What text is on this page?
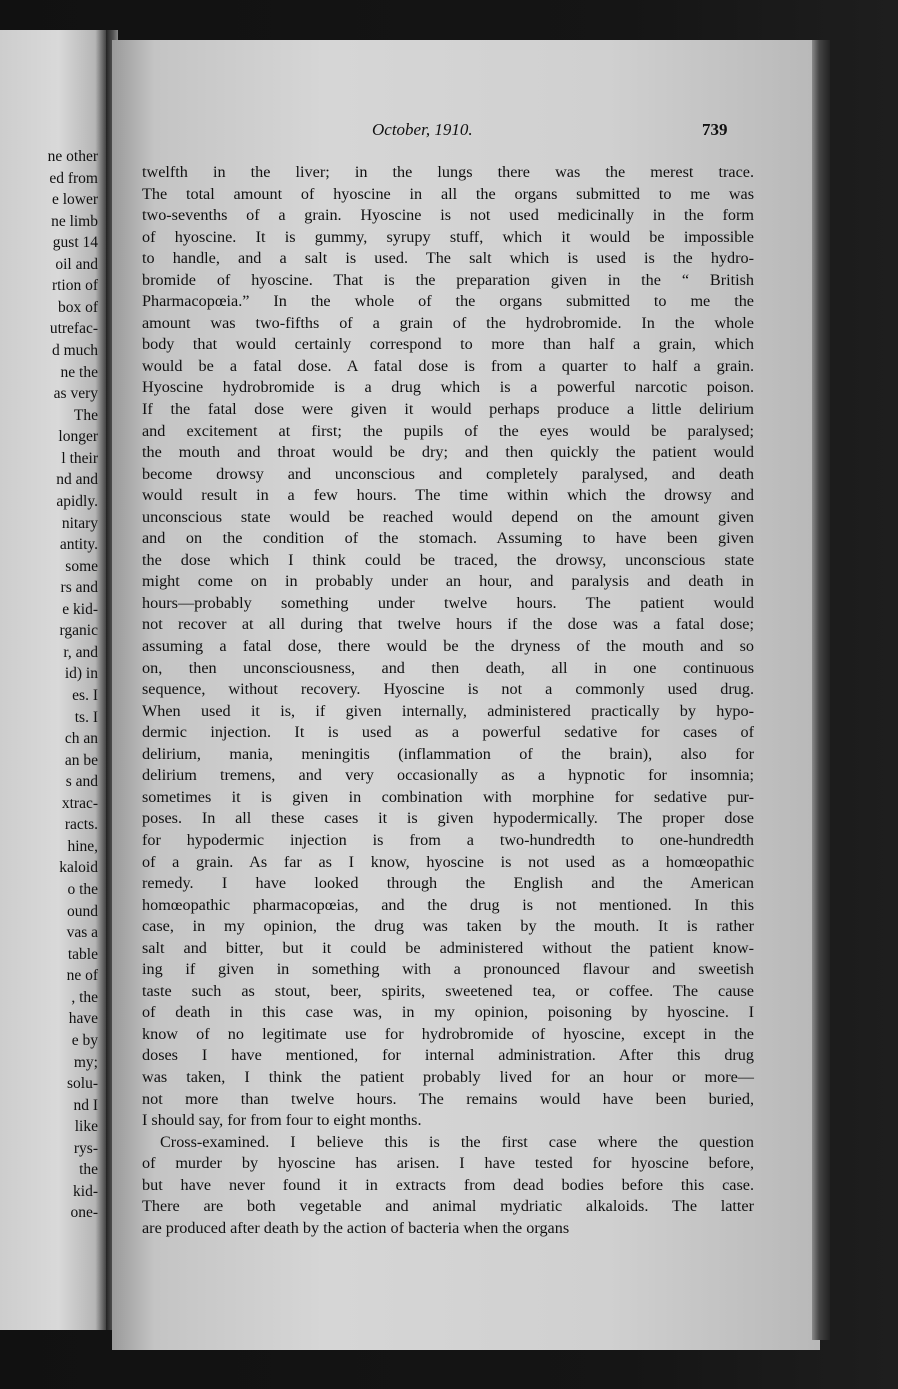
ne other
ed from
e lower
ne limb
gust 14
oil and
rtion of
box of
utrefac-
d much
ne the
as very
The
longer
l their
nd and
apidly.
nitary
antity.
some
rs and
e kid-
rganic
r, and
id) in
es. I
ts. I
ch an
an be
s and
xtrac-
racts.
hine,
kaloid
o the
ound
vas a
table
ne of
, the
have
e by
my;
solu-
nd I
like
rys-
the
kid-
one-
October, 1910.	739
twelfth in the liver; in the lungs there was the merest trace.
The total amount of hyoscine in all the organs submitted to me was
two-sevenths of a grain. Hyoscine is not used medicinally in the form
of hyoscine. It is gummy, syrupy stuff, which it would be impossible
to handle, and a salt is used. The salt which is used is the hydro-
bromide of hyoscine. That is the preparation given in the “ British
Pharmacopœia.” In the whole of the organs submitted to me the
amount was two-fifths of a grain of the hydrobromide. In the whole
body that would certainly correspond to more than half a grain, which
would be a fatal dose. A fatal dose is from a quarter to half a grain.
Hyoscine hydrobromide is a drug which is a powerful narcotic poison.
If the fatal dose were given it would perhaps produce a little delirium
and excitement at first; the pupils of the eyes would be paralysed;
the mouth and throat would be dry; and then quickly the patient would
become drowsy and unconscious and completely paralysed, and death
would result in a few hours. The time within which the drowsy and
unconscious state would be reached would depend on the amount given
and on the condition of the stomach. Assuming to have been given
the dose which I think could be traced, the drowsy, unconscious state
might come on in probably under an hour, and paralysis and death in
hours—probably something under twelve hours. The patient would
not recover at all during that twelve hours if the dose was a fatal dose;
assuming a fatal dose, there would be the dryness of the mouth and so
on, then unconsciousness, and then death, all in one continuous
sequence, without recovery. Hyoscine is not a commonly used drug.
When used it is, if given internally, administered practically by hypo-
dermic injection. It is used as a powerful sedative for cases of
delirium, mania, meningitis (inflammation of the brain), also for
delirium tremens, and very occasionally as a hypnotic for insomnia;
sometimes it is given in combination with morphine for sedative pur-
poses. In all these cases it is given hypodermically. The proper dose
for hypodermic injection is from a two-hundredth to one-hundredth
of a grain. As far as I know, hyoscine is not used as a homœopathic
remedy. I have looked through the English and the American
homœopathic pharmacopœias, and the drug is not mentioned. In this
case, in my opinion, the drug was taken by the mouth. It is rather
salt and bitter, but it could be administered without the patient know-
ing if given in something with a pronounced flavour and sweetish
taste such as stout, beer, spirits, sweetened tea, or coffee. The cause
of death in this case was, in my opinion, poisoning by hyoscine. I
know of no legitimate use for hydrobromide of hyoscine, except in the
doses I have mentioned, for internal administration. After this drug
was taken, I think the patient probably lived for an hour or more—
not more than twelve hours. The remains would have been buried,
I should say, for from four to eight months.
Cross-examined. I believe this is the first case where the question
of murder by hyoscine has arisen. I have tested for hyoscine before,
but have never found it in extracts from dead bodies before this case.
There are both vegetable and animal mydriatic alkaloids. The latter
are produced after death by the action of bacteria when the organs
